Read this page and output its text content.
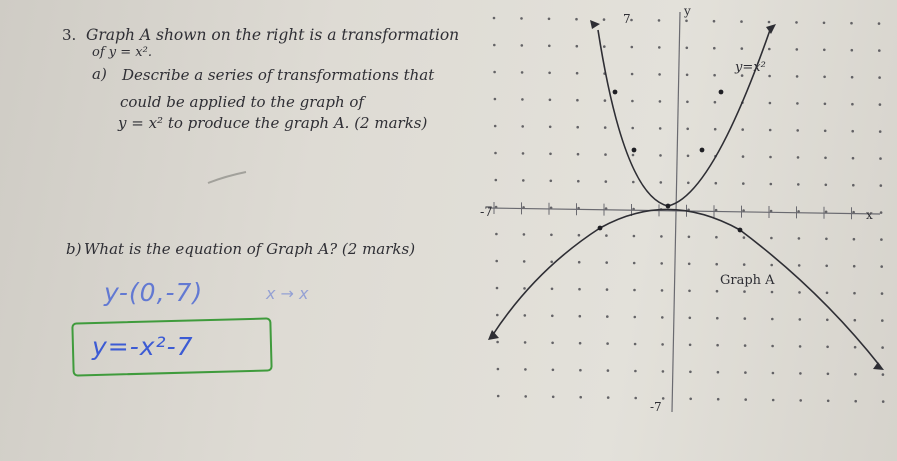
3. Graph A shown on the right is a transformation
of y = x².
a) Describe a series of transformations that
could be applied to the graph of
y = x² to produce the graph A. (2 marks)
b) What is the equation of Graph A? (2 marks)
y-(0,-7)	x → x
y=-x²-7
7
y
-7	x
-7
y=x²
Graph A
